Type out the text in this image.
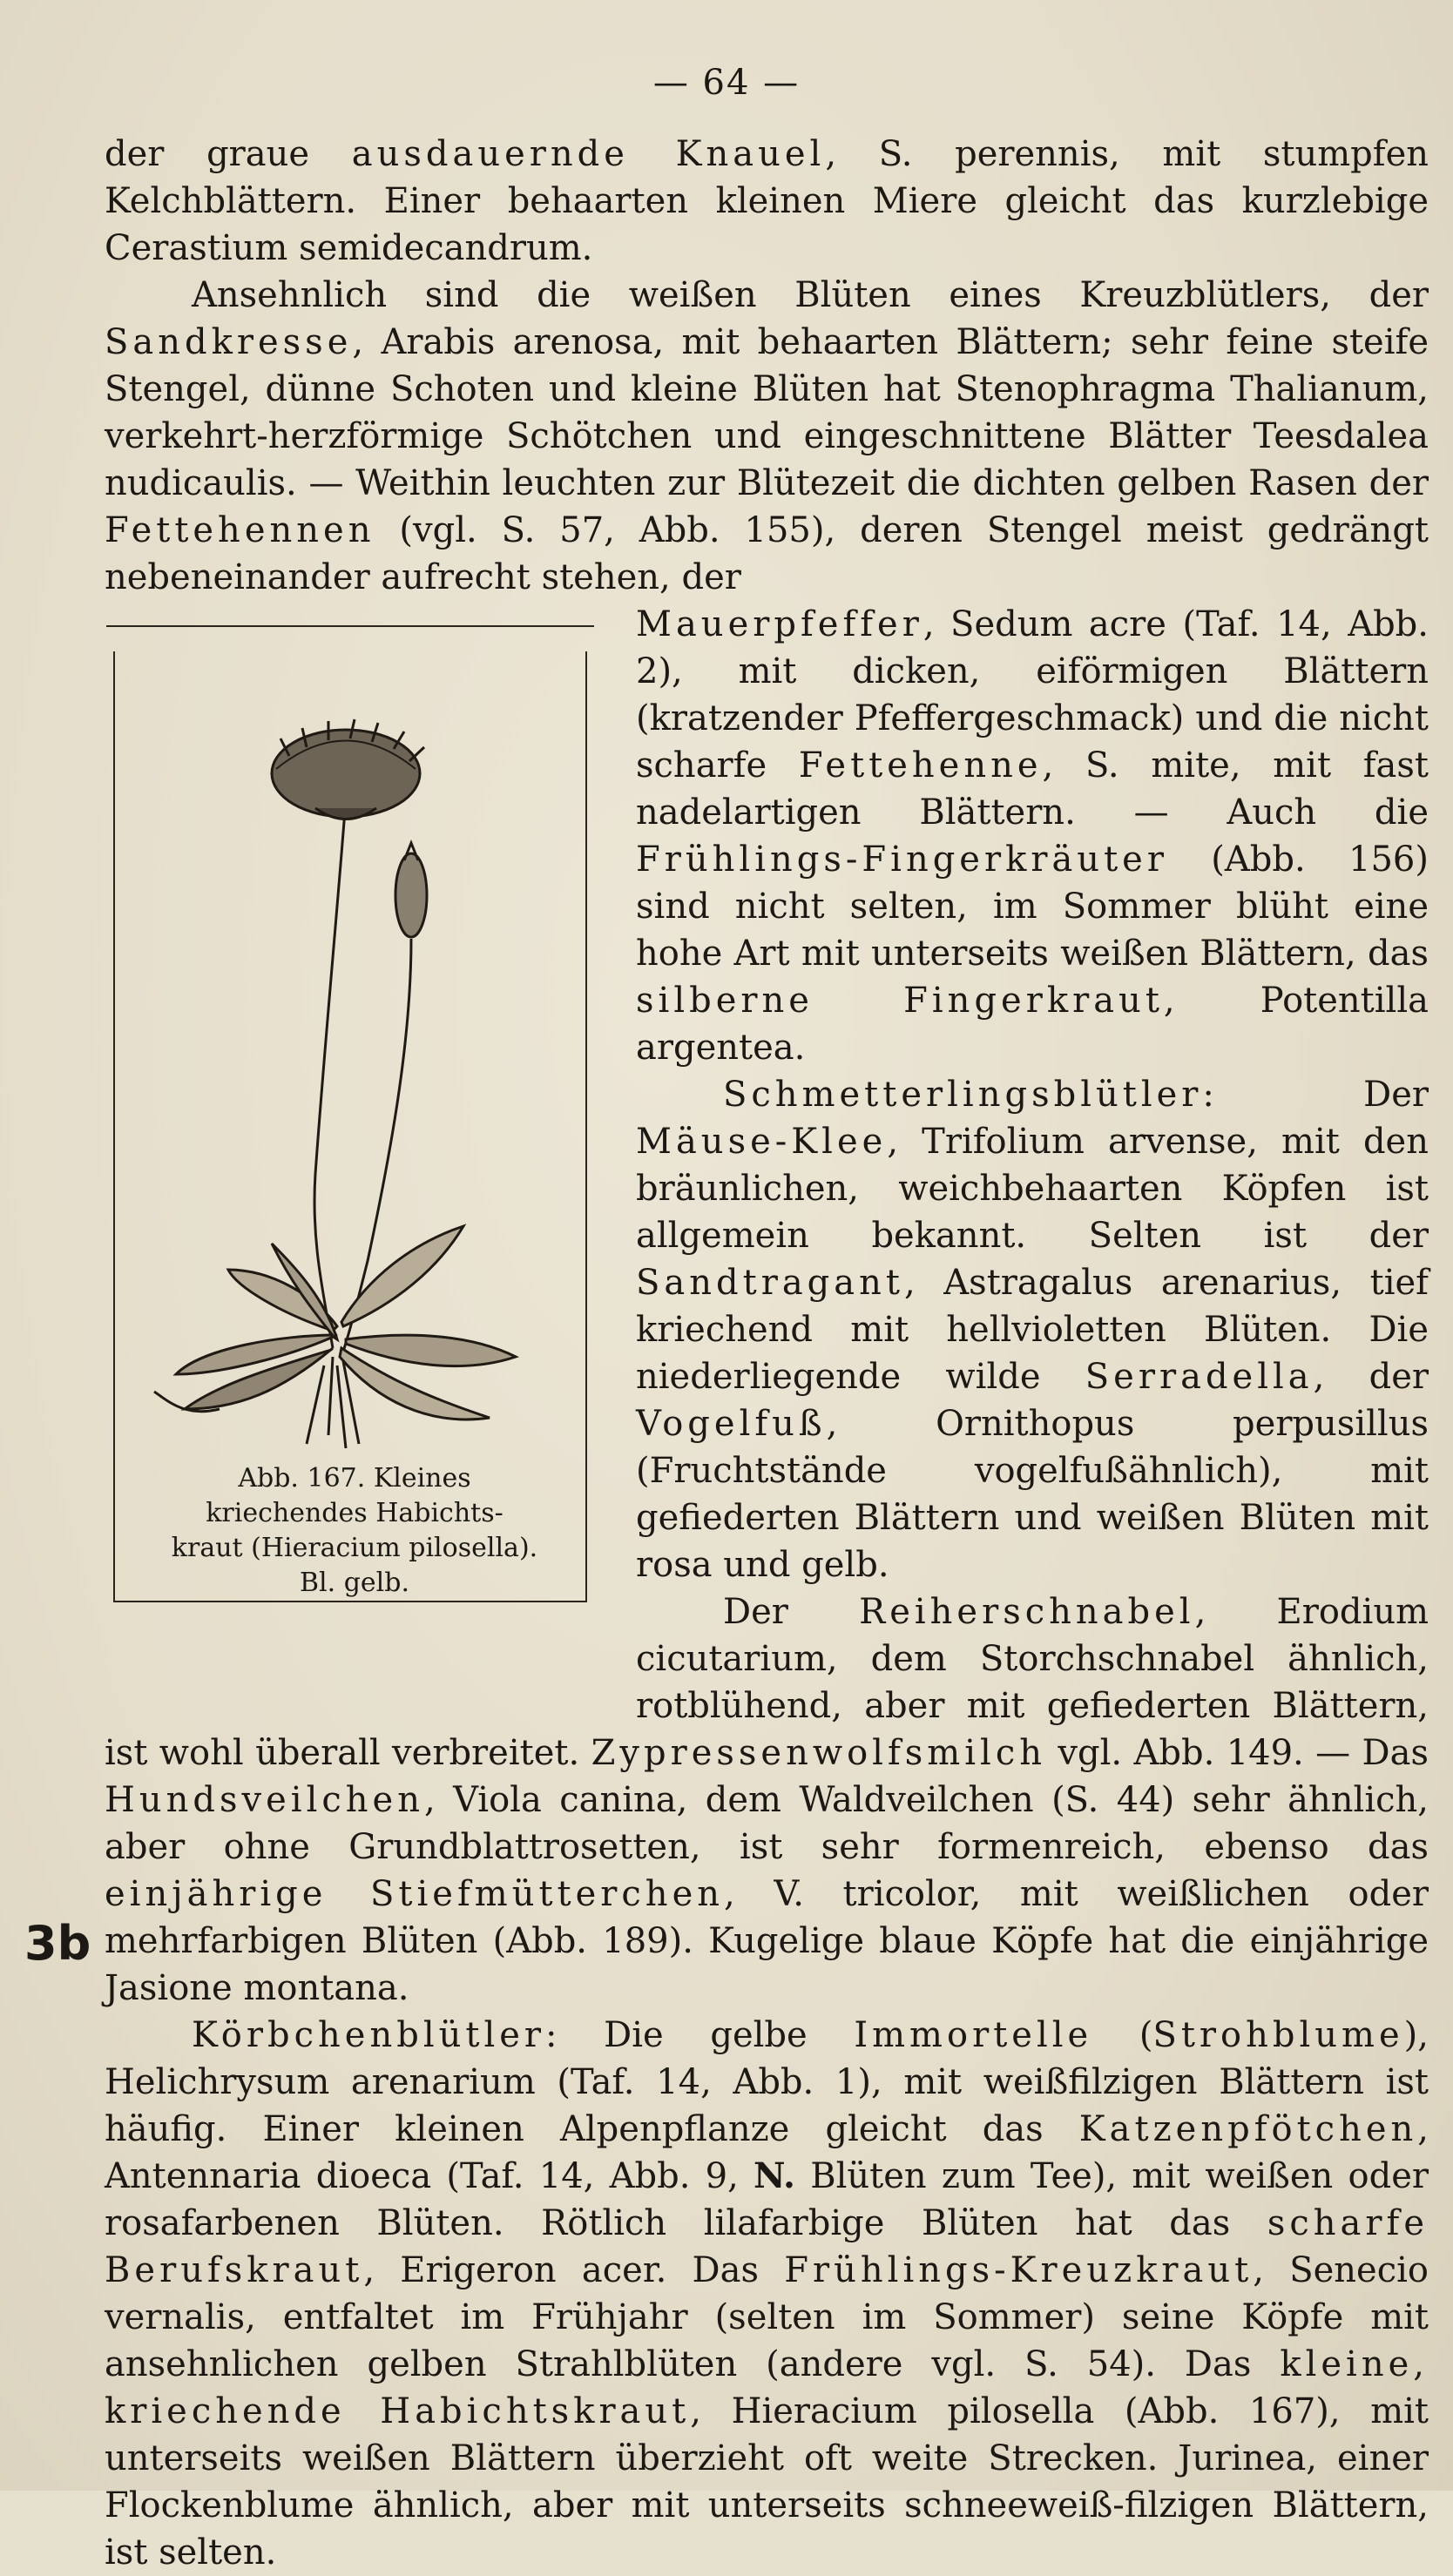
— 64 —
3b

der graue ausdauernde Knauel, S. perennis, mit stumpfen Kelchblättern. Einer behaarten kleinen Miere gleicht das kurzlebige Cerastium semidecandrum.

Ansehnlich sind die weißen Blüten eines Kreuzblütlers, der Sandkresse, Arabis arenosa, mit behaarten Blättern; sehr feine steife Stengel, dünne Schoten und kleine Blüten hat Stenophragma Thalianum, verkehrt-herzförmige Schötchen und eingeschnittene Blätter Teesdalea nudicaulis. — Weithin leuchten zur Blütezeit die dichten gelben Rasen der Fettehennen (vgl. S. 57, Abb. 155), deren Stengel meist gedrängt nebeneinander aufrecht stehen, der

Abb. 167. Kleines
kriechendes Habichts-
kraut (Hieracium pilosella).
Bl. gelb.

Mauerpfeffer, Sedum acre (Taf. 14, Abb. 2), mit dicken, eiförmigen Blättern (kratzender Pfeffergeschmack) und die nicht scharfe Fettehenne, S. mite, mit fast nadelartigen Blättern. — Auch die Frühlings-Fingerkräuter (Abb. 156) sind nicht selten, im Sommer blüht eine hohe Art mit unterseits weißen Blättern, das silberne Fingerkraut, Potentilla argentea.

Schmetterlingsblütler: Der Mäuse-Klee, Trifolium arvense, mit den bräunlichen, weichbehaarten Köpfen ist allgemein bekannt. Selten ist der Sandtragant, Astragalus arenarius, tief kriechend mit hellvioletten Blüten. Die niederliegende wilde Serradella, der Vogelfuß, Ornithopus perpusillus (Fruchtstände vogelfußähnlich), mit gefiederten Blättern und weißen Blüten mit rosa und gelb.

Der Reiherschnabel, Erodium cicutarium, dem Storchschnabel ähnlich, rotblühend, aber mit gefiederten Blättern, ist wohl überall verbreitet. Zypressenwolfsmilch vgl. Abb. 149. — Das Hundsveilchen, Viola canina, dem Waldveilchen (S. 44) sehr ähnlich, aber ohne Grundblattrosetten, ist sehr formenreich, ebenso das einjährige Stiefmütterchen, V. tricolor, mit weißlichen oder mehrfarbigen Blüten (Abb. 189). Kugelige blaue Köpfe hat die einjährige Jasione montana.

Körbchenblütler: Die gelbe Immortelle (Strohblume), Helichrysum arenarium (Taf. 14, Abb. 1), mit weißfilzigen Blättern ist häufig. Einer kleinen Alpenpflanze gleicht das Katzenpfötchen, Antennaria dioeca (Taf. 14, Abb. 9, N. Blüten zum Tee), mit weißen oder rosafarbenen Blüten. Rötlich lilafarbige Blüten hat das scharfe Berufskraut, Erigeron acer. Das Frühlings-Kreuzkraut, Senecio vernalis, entfaltet im Frühjahr (selten im Sommer) seine Köpfe mit ansehnlichen gelben Strahlblüten (andere vgl. S. 54). Das kleine, kriechende Habichtskraut, Hieracium pilosella (Abb. 167), mit unterseits weißen Blättern überzieht oft weite Strecken. Jurinea, einer Flockenblume ähnlich, aber mit unterseits schneeweiß-filzigen Blättern, ist selten.
